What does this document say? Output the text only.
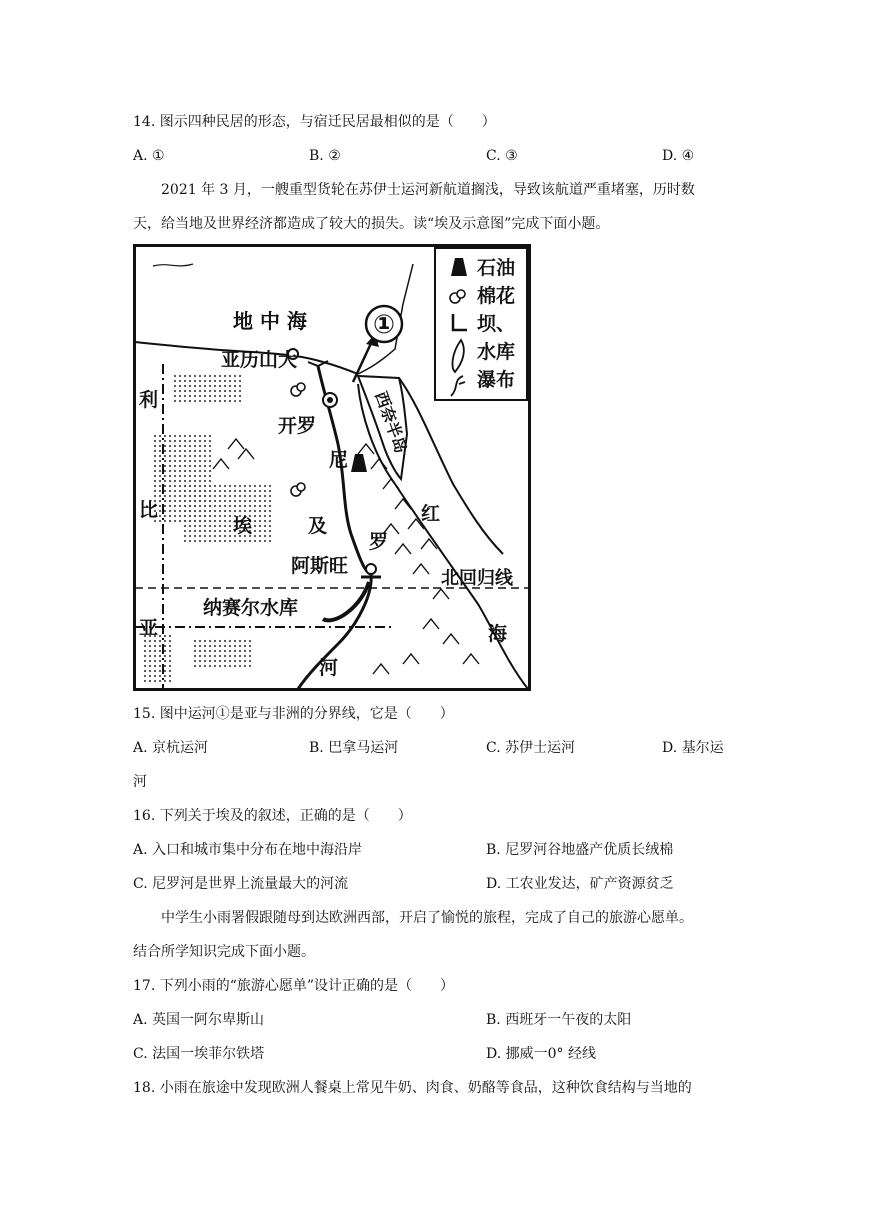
14. 图示四种民居的形态，与宿迁民居最相似的是（　　）
A. ①	B. ②	C. ③	D. ④
2021 年 3 月，一艘重型货轮在苏伊士运河新航道搁浅，导致该航道严重堵塞，历时数
天，给当地及世界经济都造成了较大的损失。读“埃及示意图”完成下面小题。
石油
棉花
坝、
水库
瀑布
地 中 海	①
亚历山大
利
比
亚
开罗
尼
罗
河
西奈半岛
埃	及
红
海
阿斯旺
北回归线
纳赛尔水库
15. 图中运河①是亚与非洲的分界线，它是（　　）
A. 京杭运河	B. 巴拿马运河	C. 苏伊士运河	D. 基尔运
河
16. 下列关于埃及的叙述，正确的是（　　）
A. 入口和城市集中分布在地中海沿岸	B. 尼罗河谷地盛产优质长绒棉
C. 尼罗河是世界上流量最大的河流	D. 工农业发达，矿产资源贫乏
中学生小雨署假跟随母到达欧洲西部，开启了愉悦的旅程，完成了自己的旅游心愿单。
结合所学知识完成下面小题。
17. 下列小雨的“旅游心愿单”设计正确的是（　　）
A. 英国一阿尔卑斯山	B. 西班牙一午夜的太阳
C. 法国一埃菲尔铁塔	D. 挪威一0° 经线
18. 小雨在旅途中发现欧洲人餐桌上常见牛奶、肉食、奶酪等食品，这种饮食结构与当地的
